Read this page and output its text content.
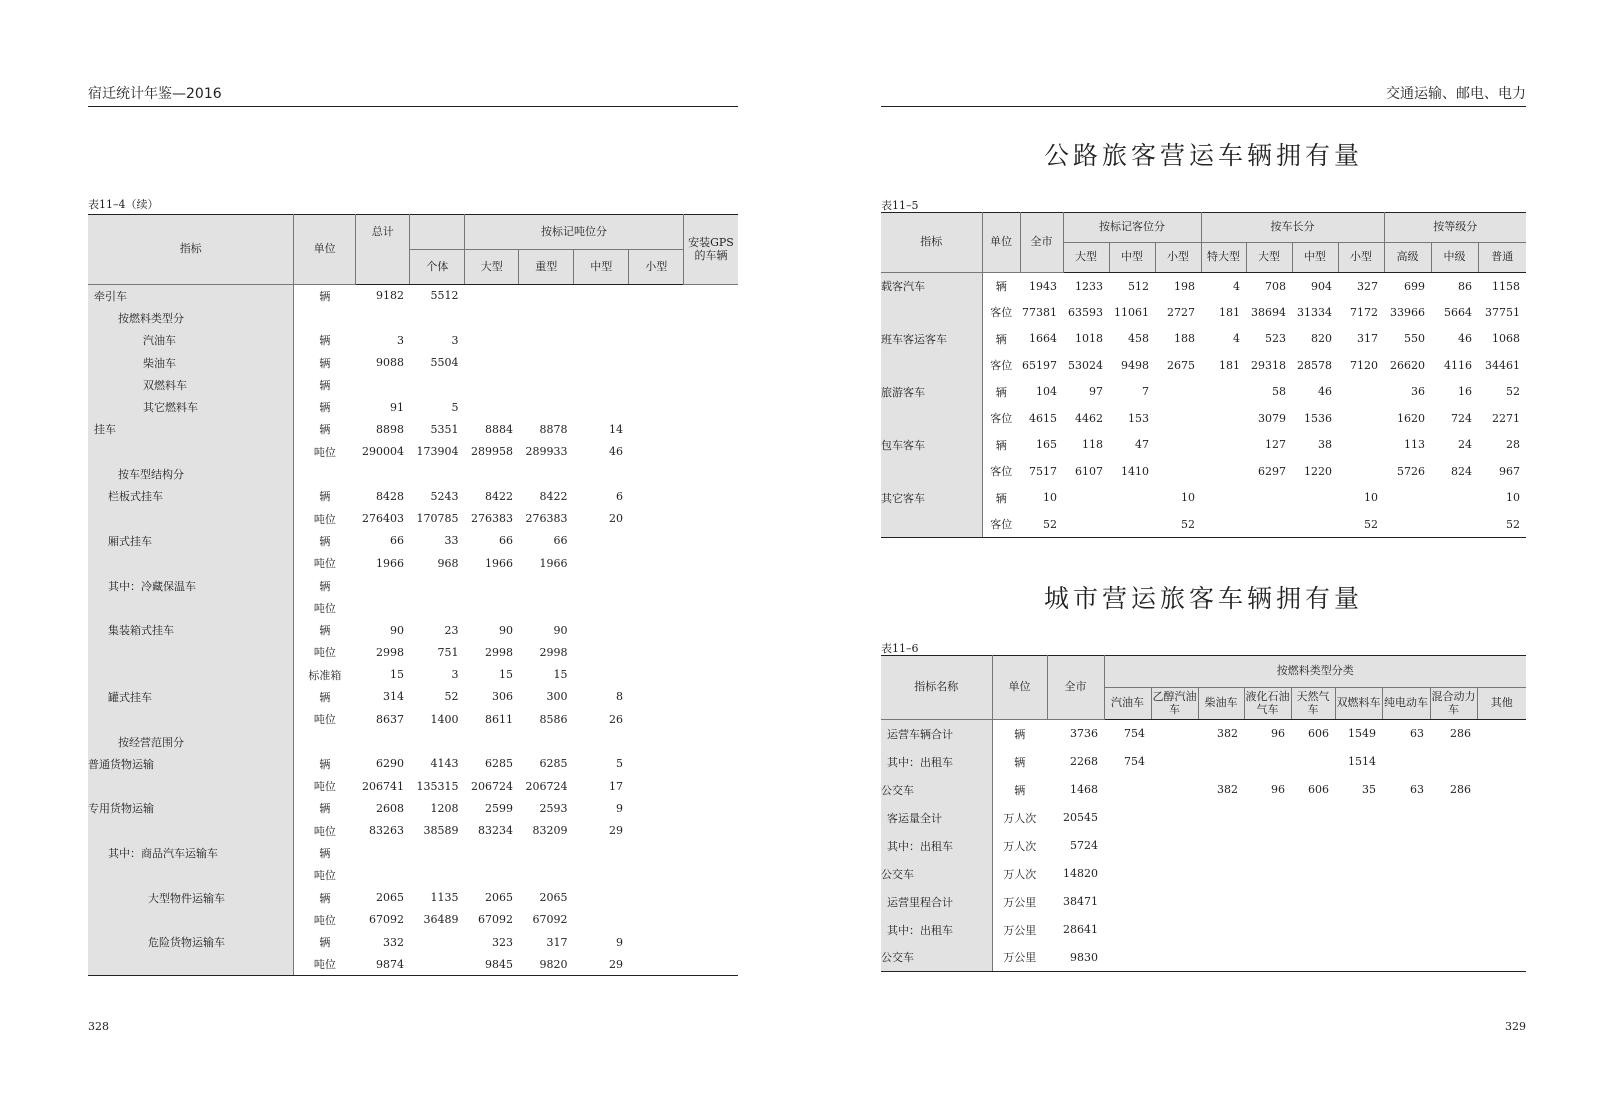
宿迁统计年鉴—2016
表11–4（续）
指标	单位	总计		按标记吨位分				安装GPS的车辆
			个体	大型	重型	中型	小型	
牵引车	辆	9182	5512					
按燃料类型分								
汽油车	辆	3	3					
柴油车	辆	9088	5504					
双燃料车	辆							
其它燃料车	辆	91	5					
挂车	辆	8898	5351	8884	8878	14		
	吨位	290004	173904	289958	289933	46		
按车型结构分								
栏板式挂车	辆	8428	5243	8422	8422	6		
	吨位	276403	170785	276383	276383	20		
厢式挂车	辆	66	33	66	66			
	吨位	1966	968	1966	1966			
其中：冷藏保温车	辆							
	吨位							
集装箱式挂车	辆	90	23	90	90			
	吨位	2998	751	2998	2998			
	标准箱	15	3	15	15			
罐式挂车	辆	314	52	306	300	8		
	吨位	8637	1400	8611	8586	26		
按经营范围分								
普通货物运输	辆	6290	4143	6285	6285	5		
	吨位	206741	135315	206724	206724	17		
专用货物运输	辆	2608	1208	2599	2593	9		
	吨位	83263	38589	83234	83209	29		
其中：商品汽车运输车	辆							
	吨位							
大型物件运输车	辆	2065	1135	2065	2065			
	吨位	67092	36489	67092	67092			
危险货物运输车	辆	332		323	317	9		
	吨位	9874		9845	9820	29		
328
交通运输、邮电、电力
公路旅客营运车辆拥有量
表11–5
指标	单位	全市	按标记客位分			按车长分				按等级分		
			大型	中型	小型	特大型	大型	中型	小型	高级	中级	普通
载客汽车	辆	1943	1233	512	198	4	708	904	327	699	86	1158
	客位	77381	63593	11061	2727	181	38694	31334	7172	33966	5664	37751
班车客运客车	辆	1664	1018	458	188	4	523	820	317	550	46	1068
	客位	65197	53024	9498	2675	181	29318	28578	7120	26620	4116	34461
旅游客车	辆	104	97	7			58	46		36	16	52
	客位	4615	4462	153			3079	1536		1620	724	2271
包车客车	辆	165	118	47			127	38		113	24	28
	客位	7517	6107	1410			6297	1220		5726	824	967
其它客车	辆	10			10				10			10
	客位	52			52				52			52
城市营运旅客车辆拥有量
表11–6
指标名称	单位	全市	按燃料类型分类								
			汽油车	乙醇汽油车	柴油车	液化石油气车	天然气车	双燃料车	纯电动车	混合动力车	其他
运营车辆合计	辆	3736	754		382	96	606	1549	63	286	
其中：出租车	辆	2268	754					1514			
公交车	辆	1468			382	96	606	35	63	286	
客运量全计	万人次	20545									
其中：出租车	万人次	5724									
公交车	万人次	14820									
运营里程合计	万公里	38471									
其中：出租车	万公里	28641									
公交车	万公里	9830									
329
